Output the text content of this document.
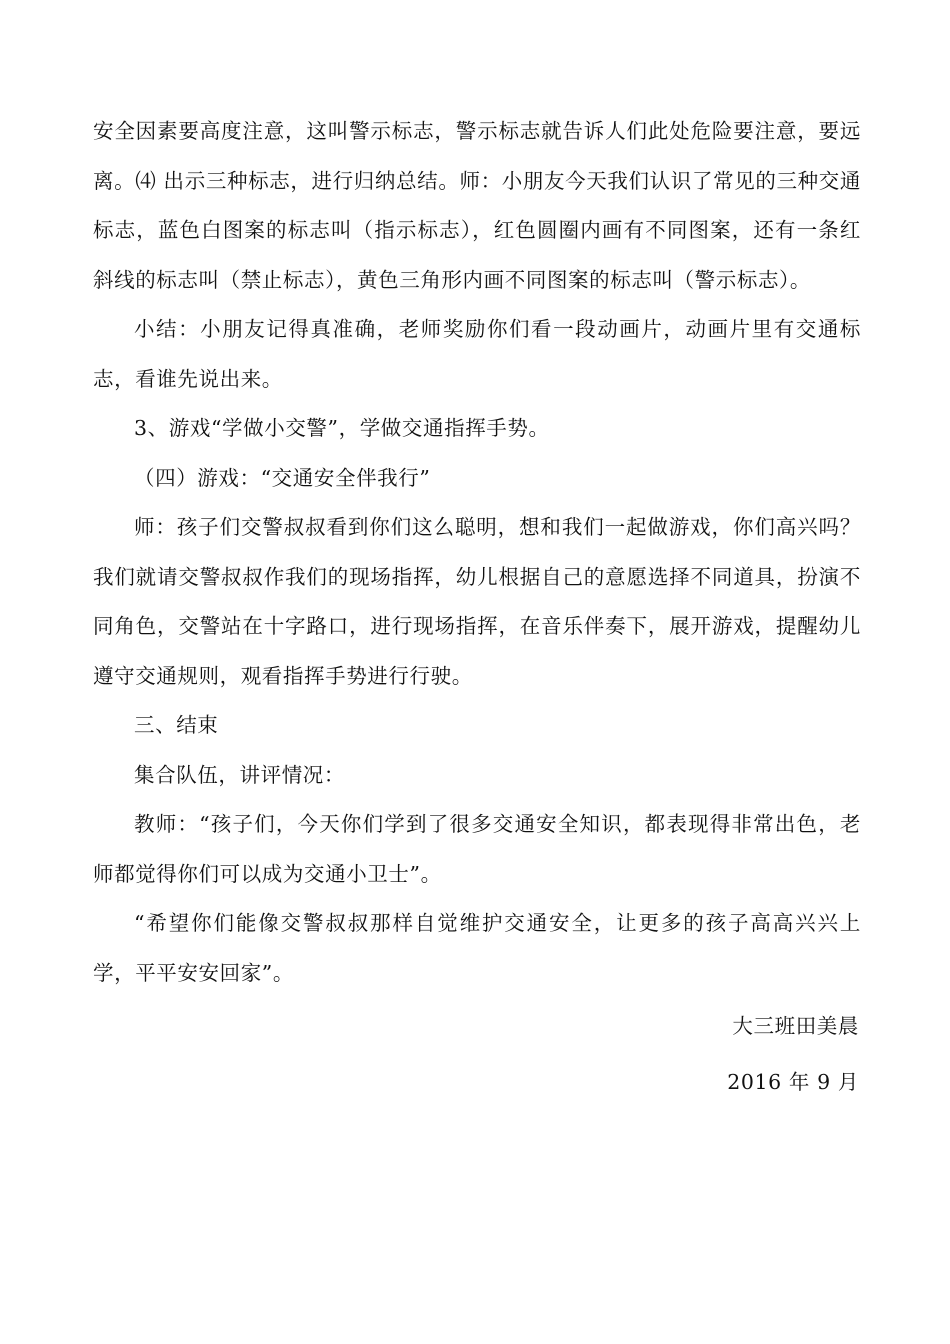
安全因素要高度注意，这叫警示标志，警示标志就告诉人们此处危险要注意，要远离。⑷ 出示三种标志，进行归纳总结。师：小朋友今天我们认识了常见的三种交通标志，蓝色白图案的标志叫（指示标志），红色圆圈内画有不同图案，还有一条红斜线的标志叫（禁止标志），黄色三角形内画不同图案的标志叫（警示标志）。

小结：小朋友记得真准确，老师奖励你们看一段动画片，动画片里有交通标志，看谁先说出来。

3、游戏“学做小交警”，学做交通指挥手势。

（四）游戏：“交通安全伴我行”

师：孩子们交警叔叔看到你们这么聪明，想和我们一起做游戏，你们高兴吗？我们就请交警叔叔作我们的现场指挥，幼儿根据自己的意愿选择不同道具，扮演不同角色，交警站在十字路口，进行现场指挥，在音乐伴奏下，展开游戏，提醒幼儿遵守交通规则，观看指挥手势进行行驶。

三、结束

集合队伍，讲评情况：

教师：“孩子们，今天你们学到了很多交通安全知识，都表现得非常出色，老师都觉得你们可以成为交通小卫士”。

“希望你们能像交警叔叔那样自觉维护交通安全，让更多的孩子高高兴兴上学，平平安安回家”。

大三班田美晨

2016 年 9 月
